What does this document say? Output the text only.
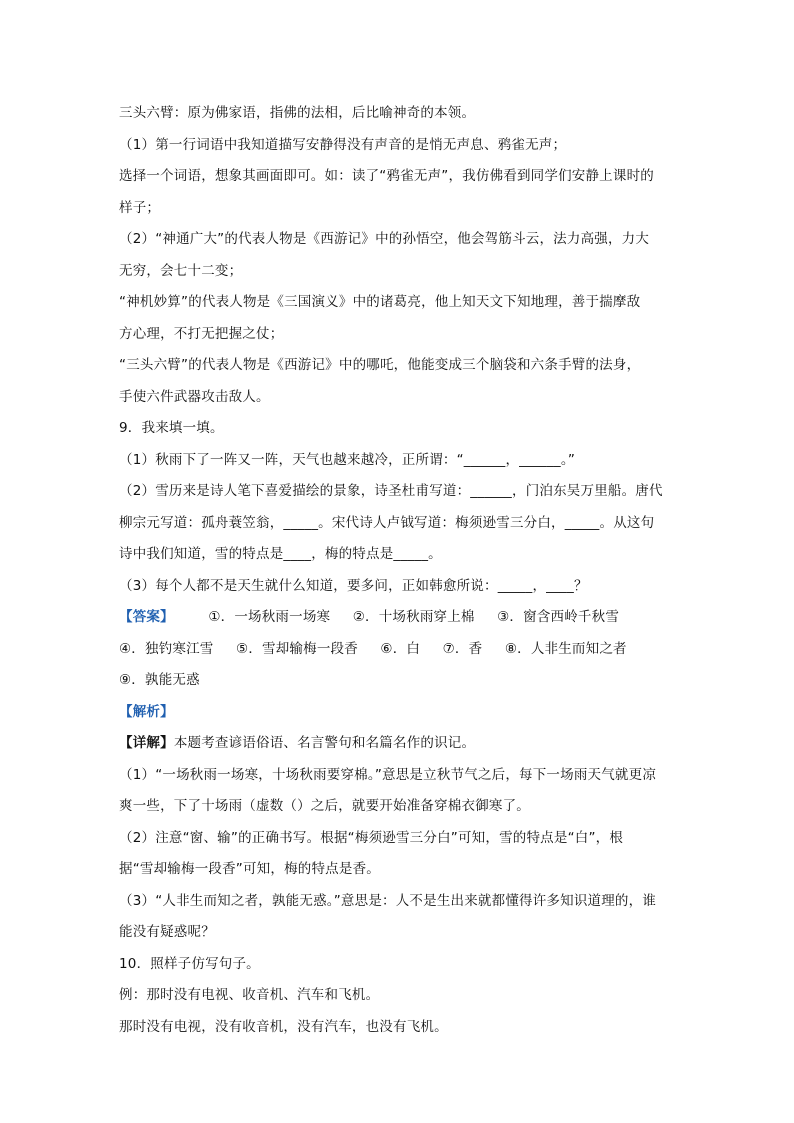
三头六臂：原为佛家语，指佛的法相，后比喻神奇的本领。

（1）第一行词语中我知道描写安静得没有声音的是悄无声息、鸦雀无声；

选择一个词语，想象其画面即可。如：读了“鸦雀无声”，我仿佛看到同学们安静上课时的

样子；

（2）“神通广大”的代表人物是《西游记》中的孙悟空，他会驾筋斗云，法力高强，力大

无穷，会七十二变；

“神机妙算”的代表人物是《三国演义》中的诸葛亮，他上知天文下知地理，善于揣摩敌

方心理，不打无把握之仗；

“三头六臂”的代表人物是《西游记》中的哪吒，他能变成三个脑袋和六条手臂的法身，

手使六件武器攻击敌人。

9．我来填一填。

（1）秋雨下了一阵又一阵，天气也越来越冷，正所谓：“______，______。”

（2）雪历来是诗人笔下喜爱描绘的景象，诗圣杜甫写道：______，门泊东吴万里船。唐代

柳宗元写道：孤舟蓑笠翁，_____。宋代诗人卢钺写道：梅须逊雪三分白，_____。从这句

诗中我们知道，雪的特点是____，梅的特点是_____。

（3）每个人都不是天生就什么知道，要多问，正如韩愈所说：_____，____？

【答案】	①．一场秋雨一场寒 ②．十场秋雨穿上棉 ③．窗含西岭千秋雪

④．独钓寒江雪 ⑤．雪却输梅一段香 ⑥．白 ⑦．香 ⑧．人非生而知之者

⑨．孰能无惑

【解析】

【详解】本题考查谚语俗语、名言警句和名篇名作的识记。

（1）“一场秋雨一场寒，十场秋雨要穿棉。”意思是立秋节气之后，每下一场雨天气就更凉

爽一些，下了十场雨（虚数（）之后，就要开始准备穿棉衣御寒了。

（2）注意“窗、输”的正确书写。根据“梅须逊雪三分白”可知，雪的特点是“白”，根

据“雪却输梅一段香”可知，梅的特点是香。

（3）“人非生而知之者，孰能无惑。”意思是：人不是生出来就都懂得许多知识道理的，谁

能没有疑惑呢？

10．照样子仿写句子。

例：那时没有电视、收音机、汽车和飞机。

那时没有电视，没有收音机，没有汽车，也没有飞机。
